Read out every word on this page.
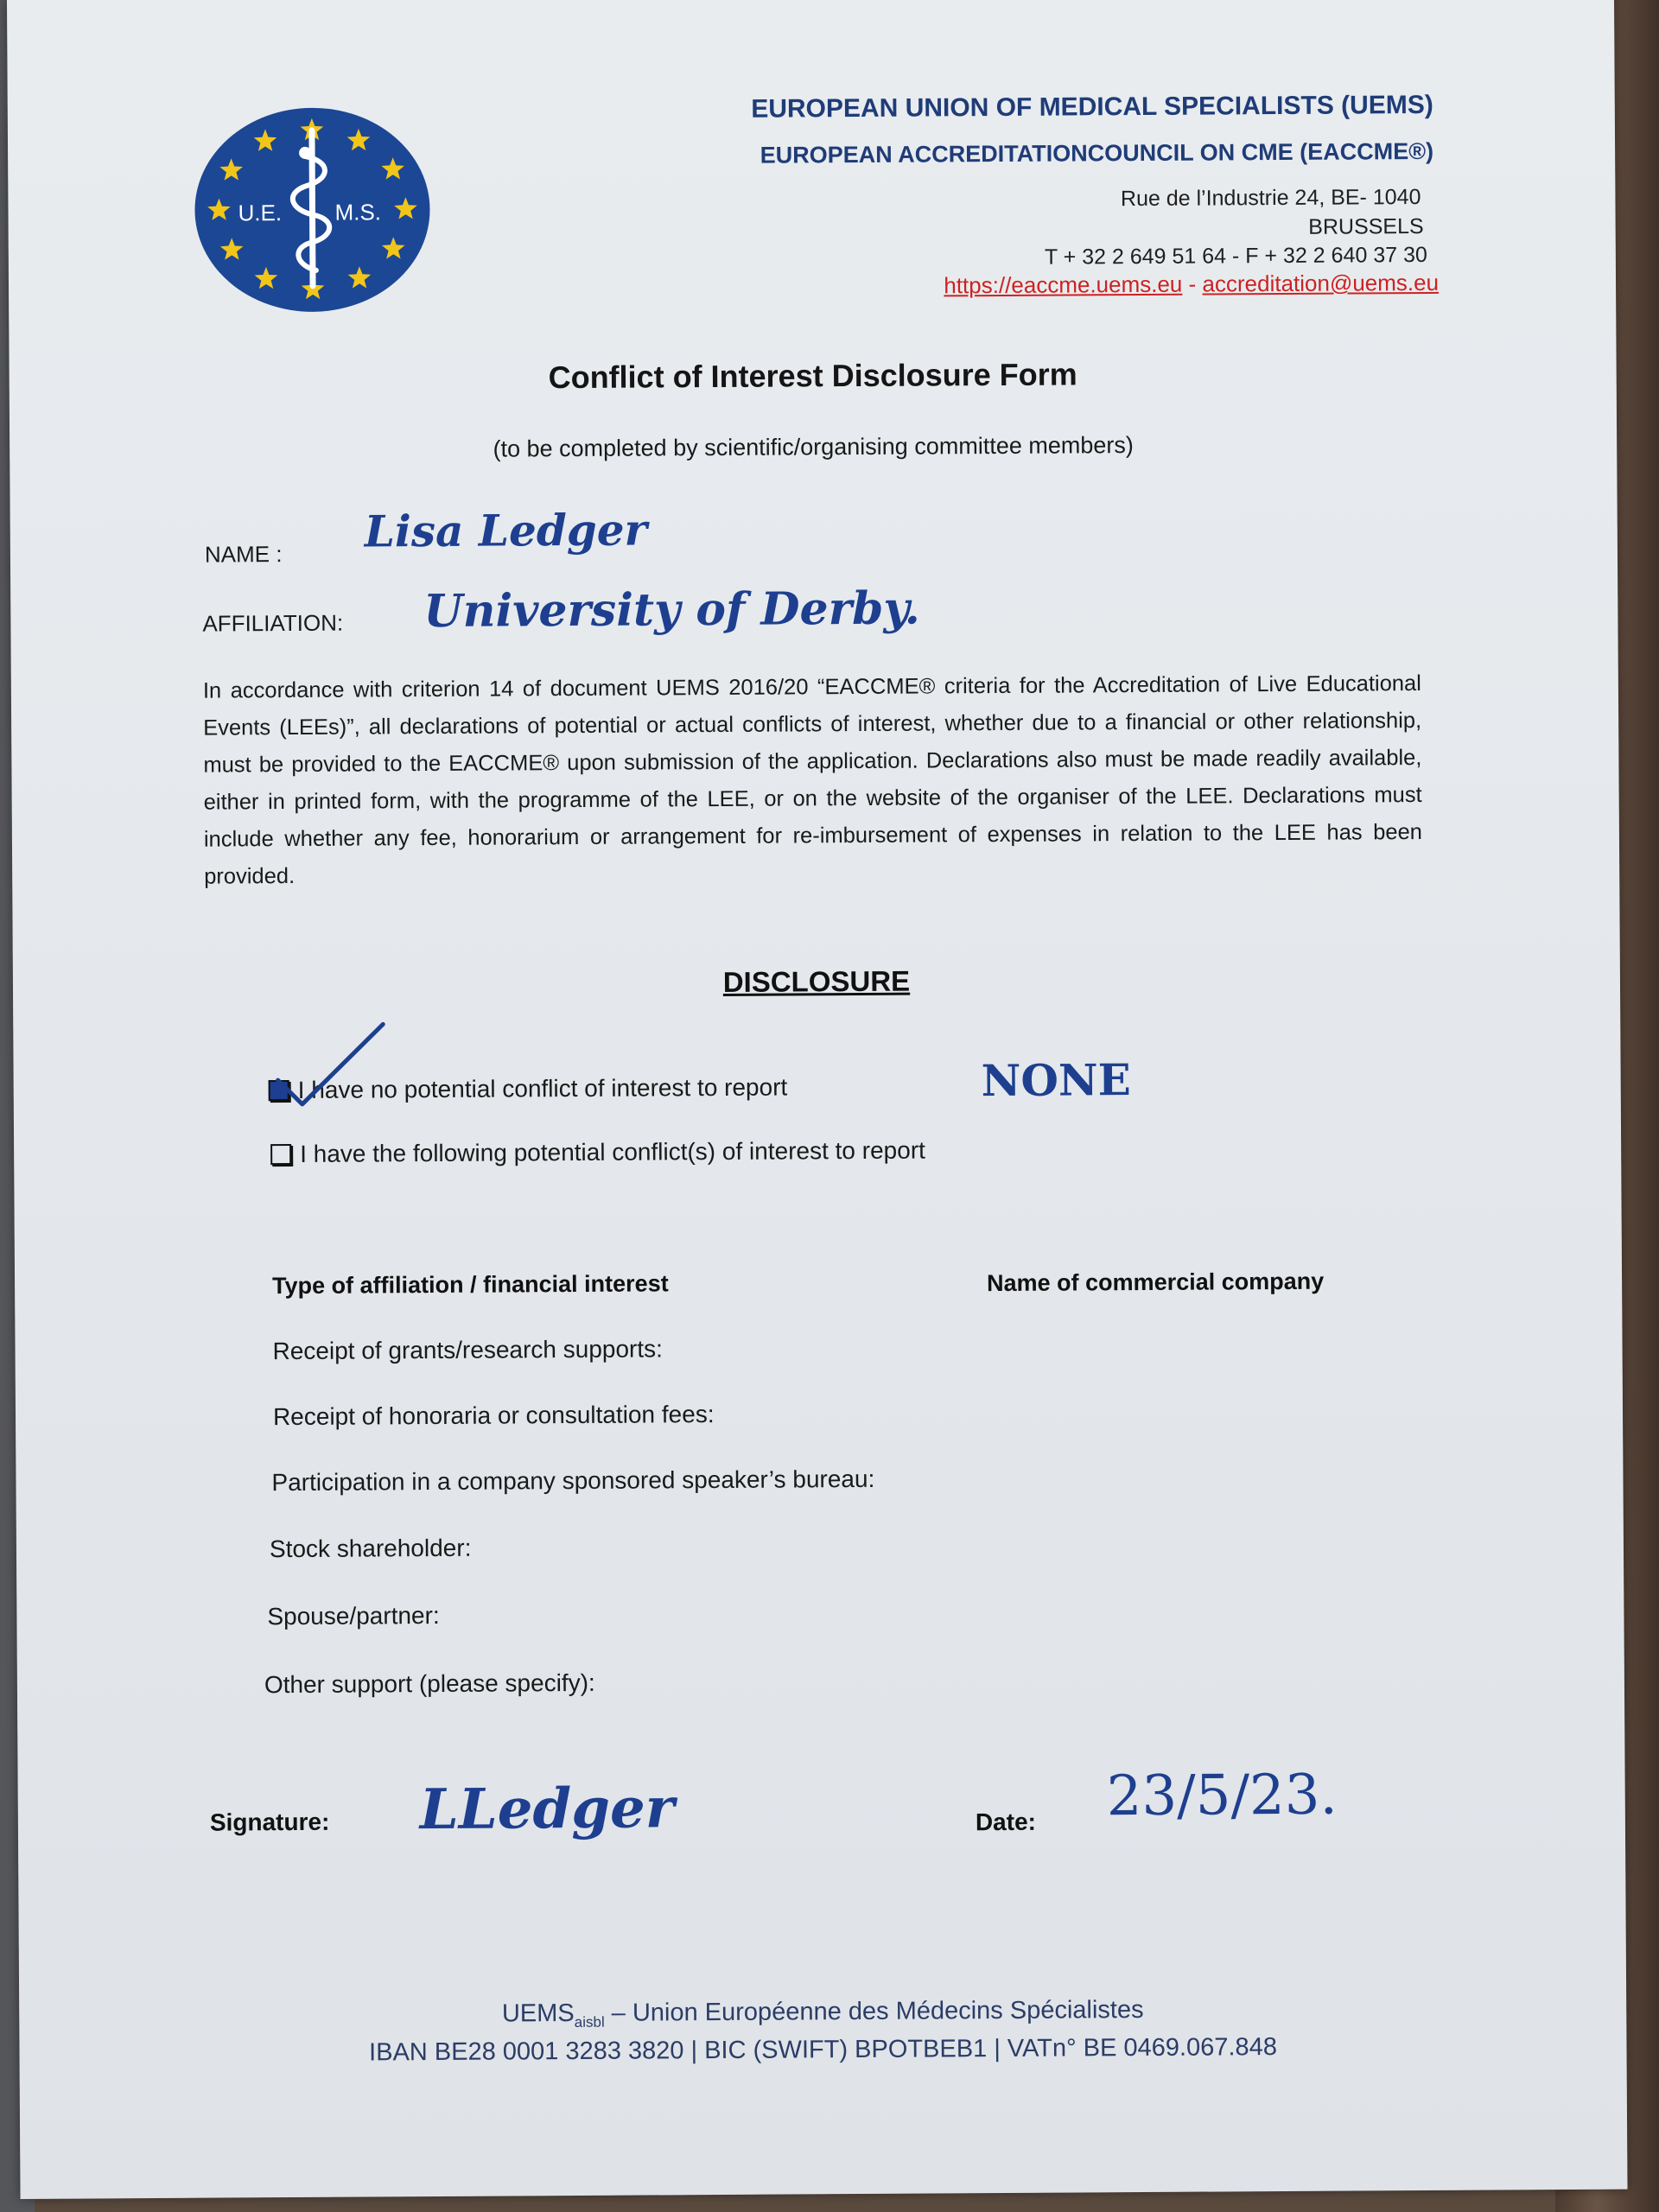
U.E. M.S.
EUROPEAN UNION OF MEDICAL SPECIALISTS (UEMS)
EUROPEAN ACCREDITATIONCOUNCIL ON CME (EACCME®)
Rue de l’Industrie 24, BE- 1040
BRUSSELS
T + 32 2 649 51 64 - F + 32 2 640 37 30
https://eaccme.uems.eu - accreditation@uems.eu
Conflict of Interest Disclosure Form
(to be completed by scientific/organising committee members)
NAME : Lisa Ledger
AFFILIATION: University of Derby.
In accordance with criterion 14 of document UEMS 2016/20 “EACCME® criteria for the Accreditation of Live Educational Events (LEEs)”, all declarations of potential or actual conflicts of interest, whether due to a financial or other relationship, must be provided to the EACCME® upon submission of the application. Declarations also must be made readily available, either in printed form, with the programme of the LEE, or on the website of the organiser of the LEE. Declarations must include whether any fee, honorarium or arrangement for re-imbursement of expenses in relation to the LEE has been provided.
DISCLOSURE
I have no potential conflict of interest to report	NONE
I have the following potential conflict(s) of interest to report
Type of affiliation / financial interest	Name of commercial company
Receipt of grants/research supports:
Receipt of honoraria or consultation fees:
Participation in a company sponsored speaker’s bureau:
Stock shareholder:
Spouse/partner:
Other support (please specify):
Signature: LLedger	Date: 23/5/23.
$UEMS_{aisbl}$ – Union Européenne des Médecins Spécialistes
IBAN BE28 0001 3283 3820 | BIC (SWIFT) BPOTBEB1 | VATn° BE 0469.067.848
